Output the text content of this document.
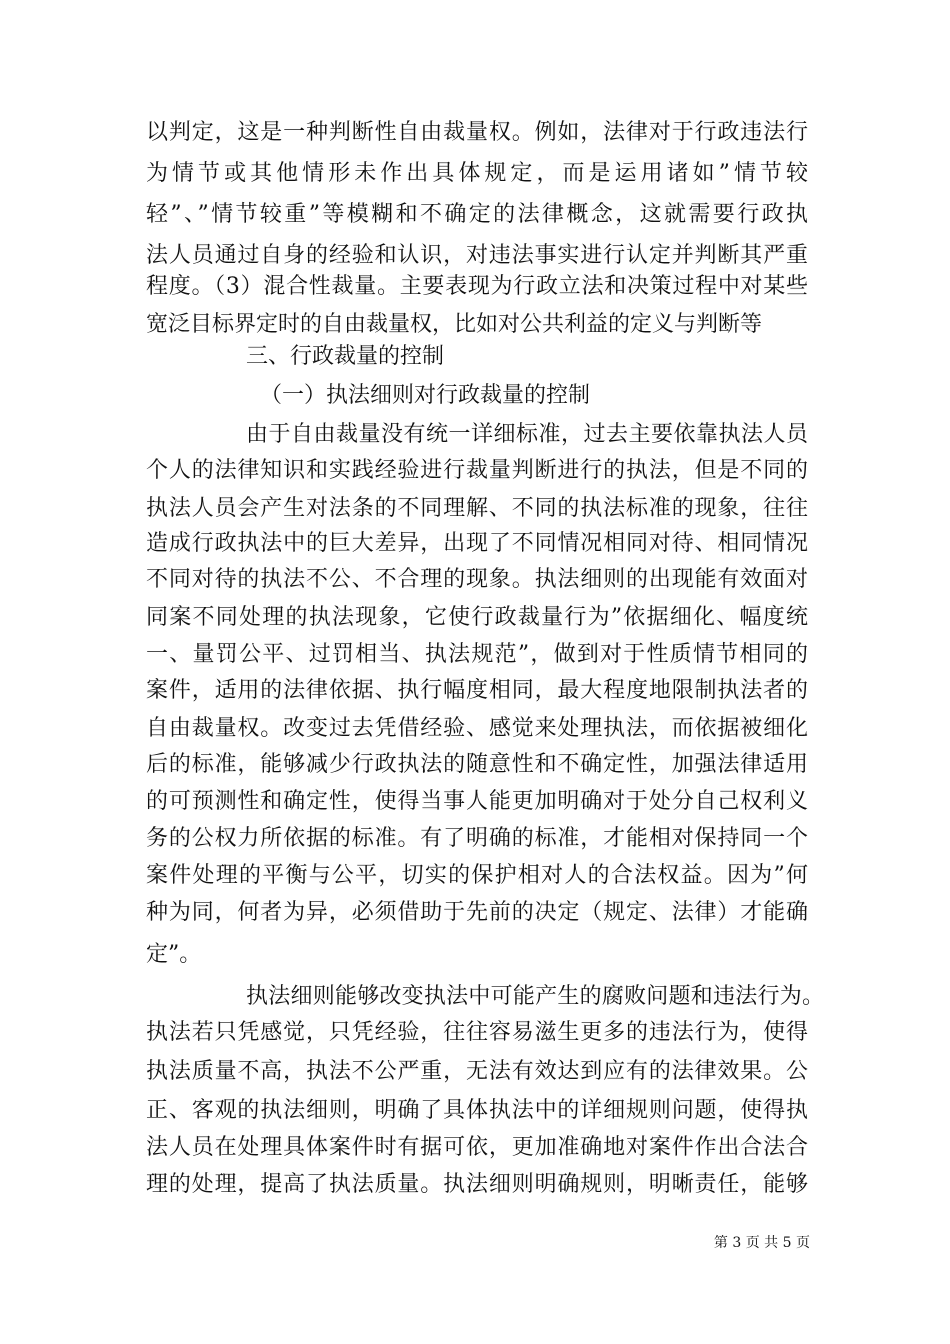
以判定，这是一种判断性自由裁量权。例如，法律对于行政违法行
为情节或其他情形未作出具体规定，而是运用诸如”情节较
轻”、”情节较重”等模糊和不确定的法律概念，这就需要行政执
法人员通过自身的经验和认识，对违法事实进行认定并判断其严重
程度。（3）混合性裁量。主要表现为行政立法和决策过程中对某些
宽泛目标界定时的自由裁量权，比如对公共利益的定义与判断等
三、行政裁量的控制
（一）执法细则对行政裁量的控制
由于自由裁量没有统一详细标准，过去主要依靠执法人员
个人的法律知识和实践经验进行裁量判断进行的执法，但是不同的
执法人员会产生对法条的不同理解、不同的执法标准的现象，往往
造成行政执法中的巨大差异，出现了不同情况相同对待、相同情况
不同对待的执法不公、不合理的现象。执法细则的出现能有效面对
同案不同处理的执法现象，它使行政裁量行为”依据细化、幅度统
一、量罚公平、过罚相当、执法规范”，做到对于性质情节相同的
案件，适用的法律依据、执行幅度相同，最大程度地限制执法者的
自由裁量权。改变过去凭借经验、感觉来处理执法，而依据被细化
后的标准，能够减少行政执法的随意性和不确定性，加强法律适用
的可预测性和确定性，使得当事人能更加明确对于处分自己权利义
务的公权力所依据的标准。有了明确的标准，才能相对保持同一个
案件处理的平衡与公平，切实的保护相对人的合法权益。因为”何
种为同，何者为异，必须借助于先前的决定（规定、法律）才能确
定”。
执法细则能够改变执法中可能产生的腐败问题和违法行为。
执法若只凭感觉，只凭经验，往往容易滋生更多的违法行为，使得
执法质量不高，执法不公严重，无法有效达到应有的法律效果。公
正、客观的执法细则，明确了具体执法中的详细规则问题，使得执
法人员在处理具体案件时有据可依，更加准确地对案件作出合法合
理的处理，提高了执法质量。执法细则明确规则，明晰责任，能够
第 3 页 共 5 页
